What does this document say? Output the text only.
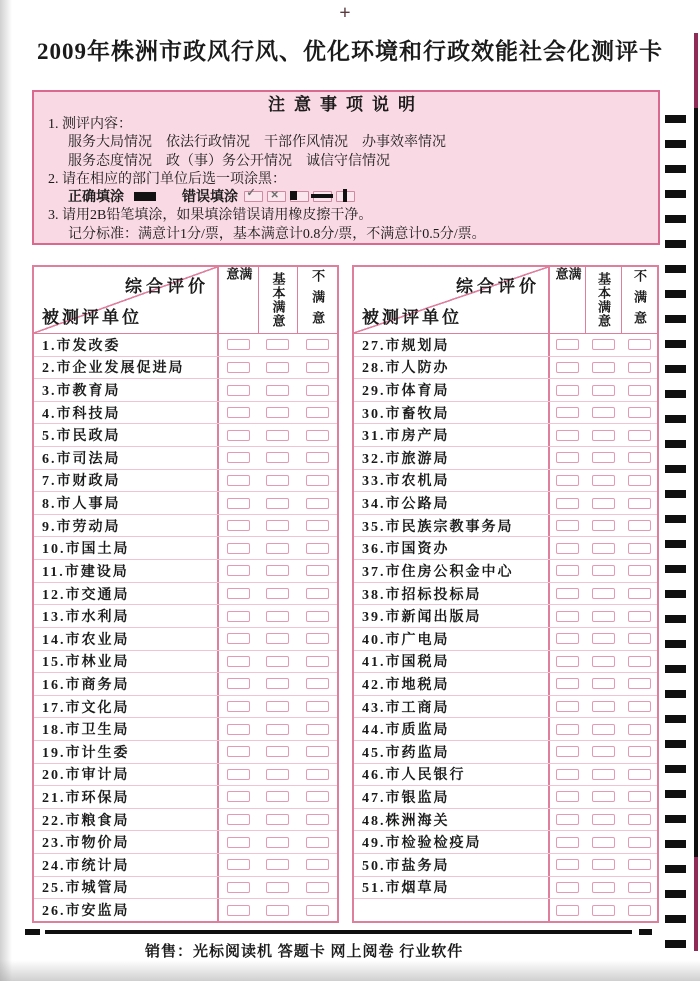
+
2009年株洲市政风行风、优化环境和行政效能社会化测评卡
注意事项说明
1. 测评内容：
服务大局情况　依法行政情况　干部作风情况　办事效率情况
服务态度情况　政（事）务公开情况　诚信守信情况
2. 请在相应的部门单位后选一项涂黑：
正确填涂	错误填涂 ✓ ✕
3. 请用2B铅笔填涂，如果填涂错误请用橡皮擦干净。
记分标准：满意计1分/票，基本满意计0.8分/票，不满意计0.5分/票。
综合评价
被测评单位
满意	基本满意 不满意
1.市发改委
2.市企业发展促进局
3.市教育局
4.市科技局
5.市民政局
6.市司法局
7.市财政局
8.市人事局
9.市劳动局
10.市国土局
11.市建设局
12.市交通局
13.市水利局
14.市农业局
15.市林业局
16.市商务局
17.市文化局
18.市卫生局
19.市计生委
20.市审计局
21.市环保局
22.市粮食局
23.市物价局
24.市统计局
25.市城管局
26.市安监局
综合评价
被测评单位
满意	基本满意 不满意
27.市规划局
28.市人防办
29.市体育局
30.市畜牧局
31.市房产局
32.市旅游局
33.市农机局
34.市公路局
35.市民族宗教事务局
36.市国资办
37.市住房公积金中心
38.市招标投标局
39.市新闻出版局
40.市广电局
41.市国税局
42.市地税局
43.市工商局
44.市质监局
45.市药监局
46.市人民银行
47.市银监局
48.株洲海关
49.市检验检疫局
50.市盐务局
51.市烟草局
销售：光标阅读机 答题卡 网上阅卷 行业软件
